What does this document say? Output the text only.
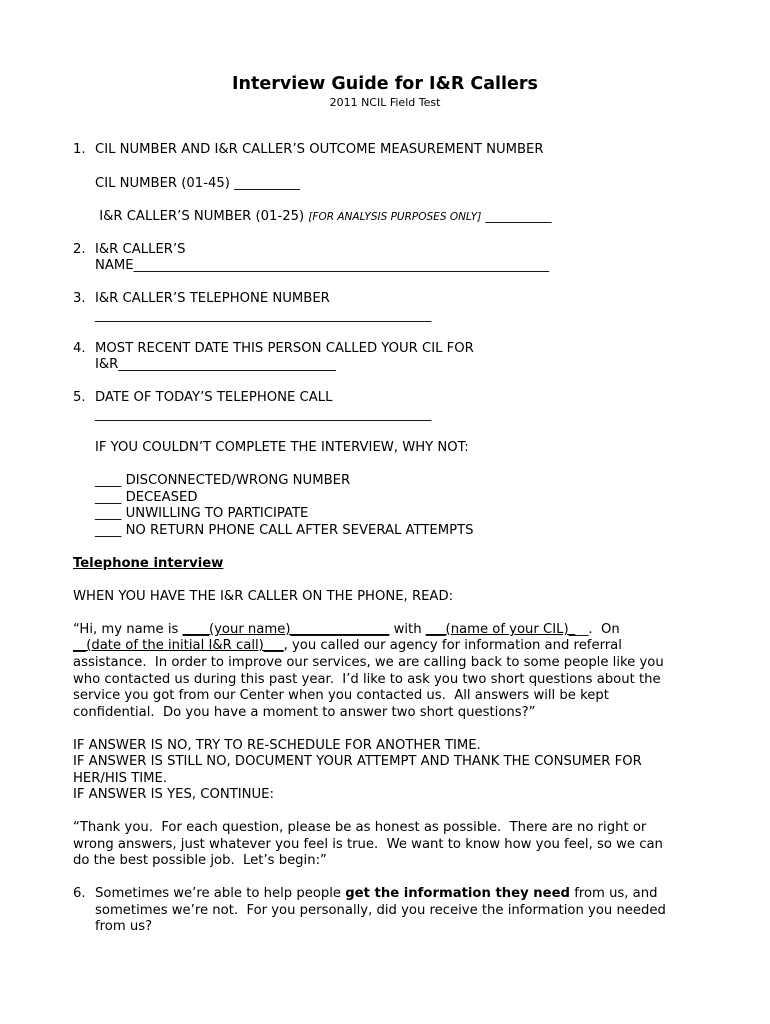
Interview Guide for I&R Callers
2011 NCIL Field Test
1. CIL NUMBER AND I&R CALLER’S OUTCOME MEASUREMENT NUMBER
CIL NUMBER (01-45) __________
I&R CALLER’S NUMBER (01-25) [FOR ANALYSIS PURPOSES ONLY] __________
2. I&R CALLER’S
NAME_______________________________________________________________
3. I&R CALLER’S TELEPHONE NUMBER
___________________________________________________
4. MOST RECENT DATE THIS PERSON CALLED YOUR CIL FOR
I&R_________________________________
5. DATE OF TODAY’S TELEPHONE CALL
___________________________________________________
IF YOU COULDN’T COMPLETE THE INTERVIEW, WHY NOT:
____ DISCONNECTED/WRONG NUMBER
____ DECEASED
____ UNWILLING TO PARTICIPATE
____ NO RETURN PHONE CALL AFTER SEVERAL ATTEMPTS
Telephone interview
WHEN YOU HAVE THE I&R CALLER ON THE PHONE, READ:
“Hi, my name is ____(your name)_______________ with ___(name of your CIL)___.  On
__(date of the initial I&R call)___, you called our agency for information and referral
assistance.  In order to improve our services, we are calling back to some people like you
who contacted us during this past year.  I’d like to ask you two short questions about the
service you got from our Center when you contacted us.  All answers will be kept
confidential.  Do you have a moment to answer two short questions?”
IF ANSWER IS NO, TRY TO RE-SCHEDULE FOR ANOTHER TIME.
IF ANSWER IS STILL NO, DOCUMENT YOUR ATTEMPT AND THANK THE CONSUMER FOR
HER/HIS TIME.
IF ANSWER IS YES, CONTINUE:
“Thank you.  For each question, please be as honest as possible.  There are no right or
wrong answers, just whatever you feel is true.  We want to know how you feel, so we can
do the best possible job.  Let’s begin:”
6. Sometimes we’re able to help people get the information they need from us, and
sometimes we’re not.  For you personally, did you receive the information you needed
from us?
